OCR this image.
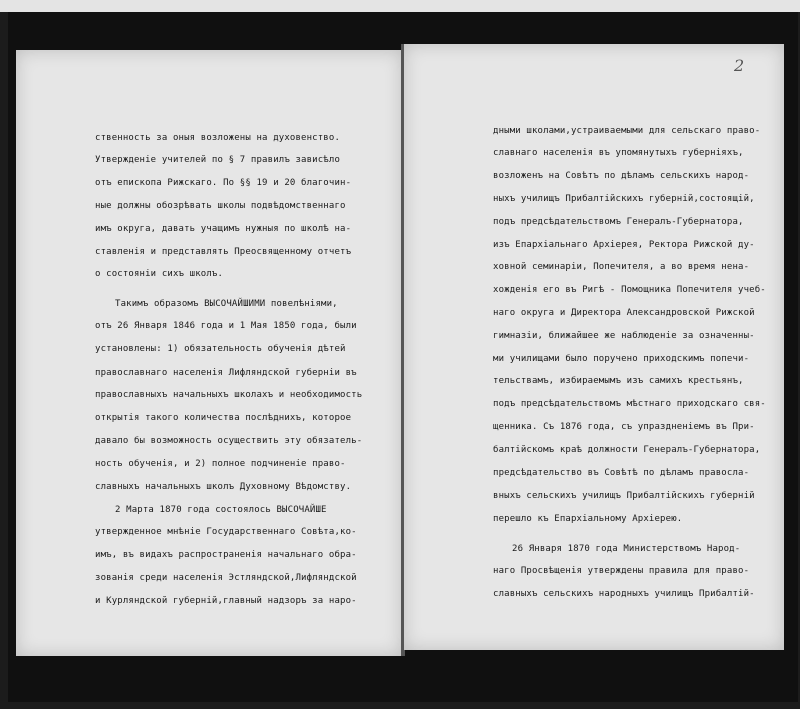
ственность за оныя возложены на духовенство.
Утвержденіе учителей по § 7 правилъ зависѣло
отъ епископа Рижскаго. По §§ 19 и 20 благочин-
ные должны обозрѣвать школы подвѣдомственнаго
имъ округа, давать учащимъ нужныя по школѣ нa-
ставленія и представлять Преосвященному отчетъ
о состояніи сихъ школъ.
Такимъ образомъ ВЫСОЧАЙШИМИ повелѣніями,
отъ 26 Января 1846 года и 1 Мая 1850 года, были
установлены: 1) обязательность обученія дѣтей
православнаго населенія Лифляндской губерніи въ
православныхъ начальныхъ школахъ и необходимость
открытія такого количества послѣднихъ, которое
давало бы возможность осуществить эту обязатель-
ность обученія, и 2) полное подчиненіе право-
славныхъ начальныхъ школъ Духовному Вѣдомству.
2 Марта 1870 года состоялось ВЫСОЧАЙШЕ
утвержденное мнѣніе Государственнаго Совѣта,ко-
имъ, въ видахъ распространенія начальнаго обра-
зованія среди населенія Эстляндской,Лифляндской
и Курляндской губерній,главный надзоръ за наро-
2
дными школами,устраиваемыми для сельскаго право-
славнаго населенія въ упомянутыхъ губерніяхъ,
возложенъ на Совѣтъ по дѣламъ сельскихъ народ-
ныхъ училищъ Прибалтійскихъ губерній,состоящій,
подъ предсѣдательствомъ Генералъ-Губернатора,
изъ Епархіальнаго Архіерея, Ректора Рижской ду-
ховной семинаріи, Попечителя, а во время нена-
хожденія его въ Ригѣ - Помощника Попечителя учеб-
наго округа и Директора Александровской Рижской
гимназіи, ближайшее же наблюденіе за означенны-
ми училищами было поручено приходскимъ попечи-
тельствамъ, избираемымъ изъ самихъ крестьянъ,
подъ предсѣдательствомъ мѣстнаго приходскаго свя-
щенника. Съ 1876 года, съ упраздненіемъ въ При-
балтійскомъ краѣ должности Генералъ-Губернатора,
предсѣдательство въ Совѣтѣ по дѣламъ правосла-
вныхъ сельскихъ училищъ Прибалтійскихъ губерній
перешло къ Епархіальному Архіерею.
26 Января 1870 года Министерствомъ Народ-
наго Просвѣщенія утверждены правила для право-
славныхъ сельскихъ народныхъ училищъ Прибалтій-
